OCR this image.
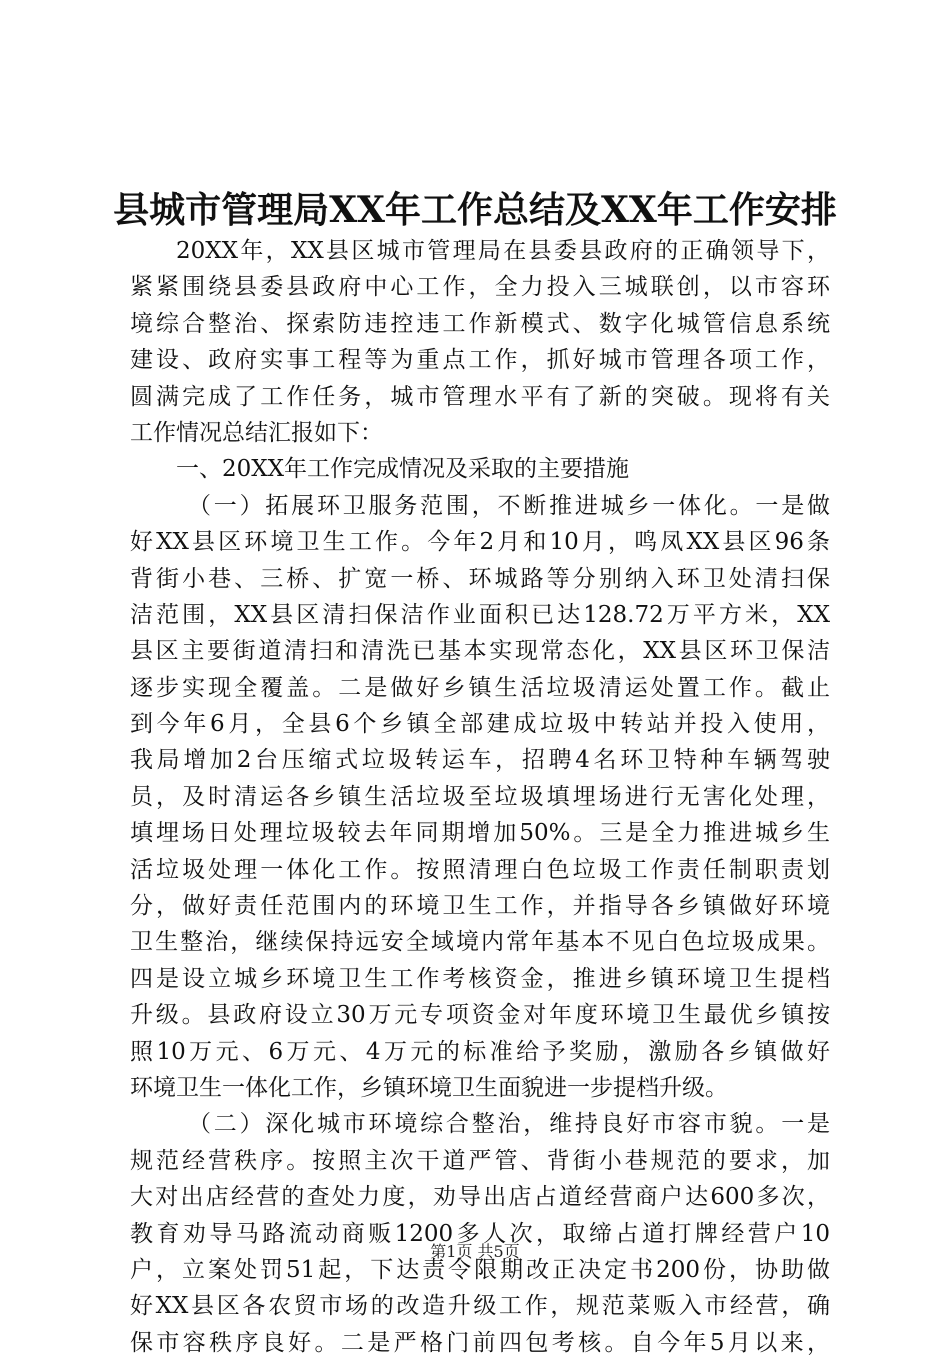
县城市管理局XX年工作总结及XX年工作安排
20XX年，XX县区城市管理局在县委县政府的正确领导下，
紧紧围绕县委县政府中心工作，全力投入三城联创，以市容环
境综合整治、探索防违控违工作新模式、数字化城管信息系统
建设、政府实事工程等为重点工作，抓好城市管理各项工作，
圆满完成了工作任务，城市管理水平有了新的突破。现将有关
工作情况总结汇报如下：
一、20XX年工作完成情况及采取的主要措施
（一）拓展环卫服务范围，不断推进城乡一体化。一是做
好XX县区环境卫生工作。今年2月和10月，鸣凤XX县区96条
背街小巷、三桥、扩宽一桥、环城路等分别纳入环卫处清扫保
洁范围，XX县区清扫保洁作业面积已达128.72万平方米，XX
县区主要街道清扫和清洗已基本实现常态化，XX县区环卫保洁
逐步实现全覆盖。二是做好乡镇生活垃圾清运处置工作。截止
到今年6月，全县6个乡镇全部建成垃圾中转站并投入使用，
我局增加2台压缩式垃圾转运车，招聘4名环卫特种车辆驾驶
员，及时清运各乡镇生活垃圾至垃圾填埋场进行无害化处理，
填埋场日处理垃圾较去年同期增加50%。三是全力推进城乡生
活垃圾处理一体化工作。按照清理白色垃圾工作责任制职责划
分，做好责任范围内的环境卫生工作，并指导各乡镇做好环境
卫生整治，继续保持远安全域境内常年基本不见白色垃圾成果。
四是设立城乡环境卫生工作考核资金，推进乡镇环境卫生提档
升级。县政府设立30万元专项资金对年度环境卫生最优乡镇按
照10万元、6万元、4万元的标准给予奖励，激励各乡镇做好
环境卫生一体化工作，乡镇环境卫生面貌进一步提档升级。
（二）深化城市环境综合整治，维持良好市容市貌。一是
规范经营秩序。按照主次干道严管、背街小巷规范的要求，加
大对出店经营的查处力度，劝导出店占道经营商户达600多次，
教育劝导马路流动商贩1200多人次，取缔占道打牌经营户10
户，立案处罚51起，下达责令限期改正决定书200份，协助做
好XX县区各农贸市场的改造升级工作，规范菜贩入市经营，确
保市容秩序良好。二是严格门前四包考核。自今年5月以来，
第1页 共5页
